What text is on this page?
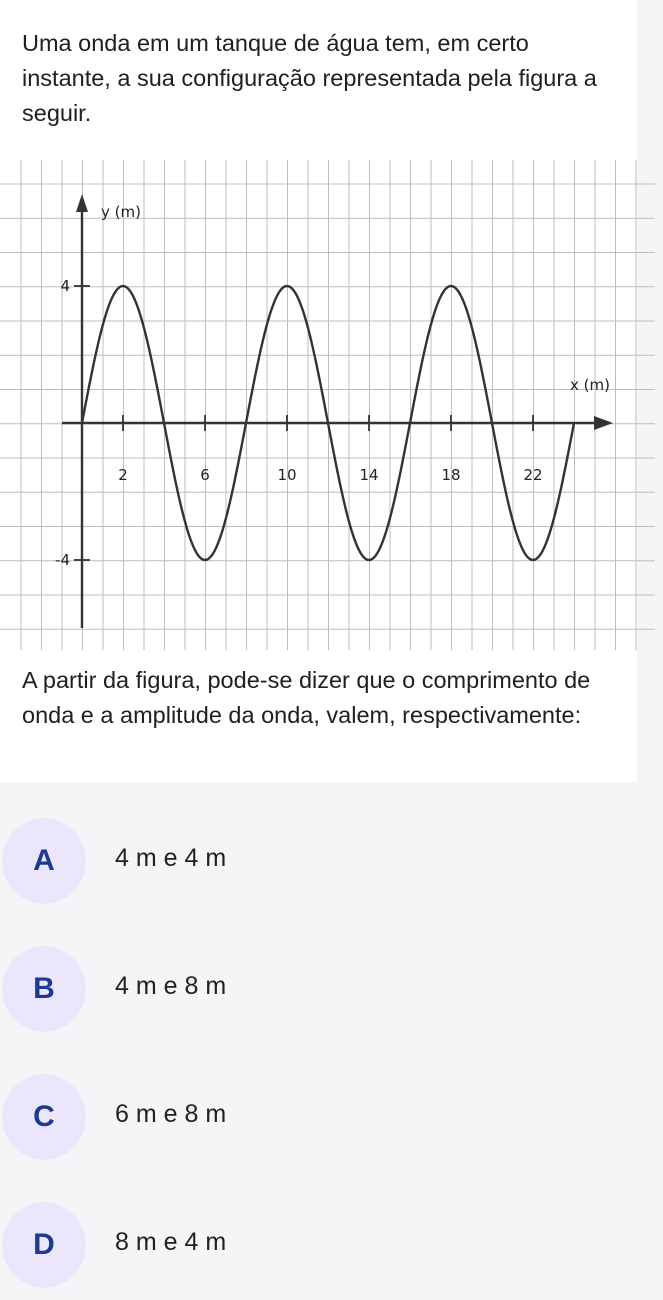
Uma onda em um tanque de água tem, em certo instante, a sua configuração representada pela figura a seguir.

y (m)
x (m)
2	6	10	14	18	22
4
-4

A partir da figura, pode-se dizer que o comprimento de onda e a amplitude da onda, valem, respectivamente:

A 4 m e 4 m
B 4 m e 8 m
C 6 m e 8 m
D 8 m e 4 m
